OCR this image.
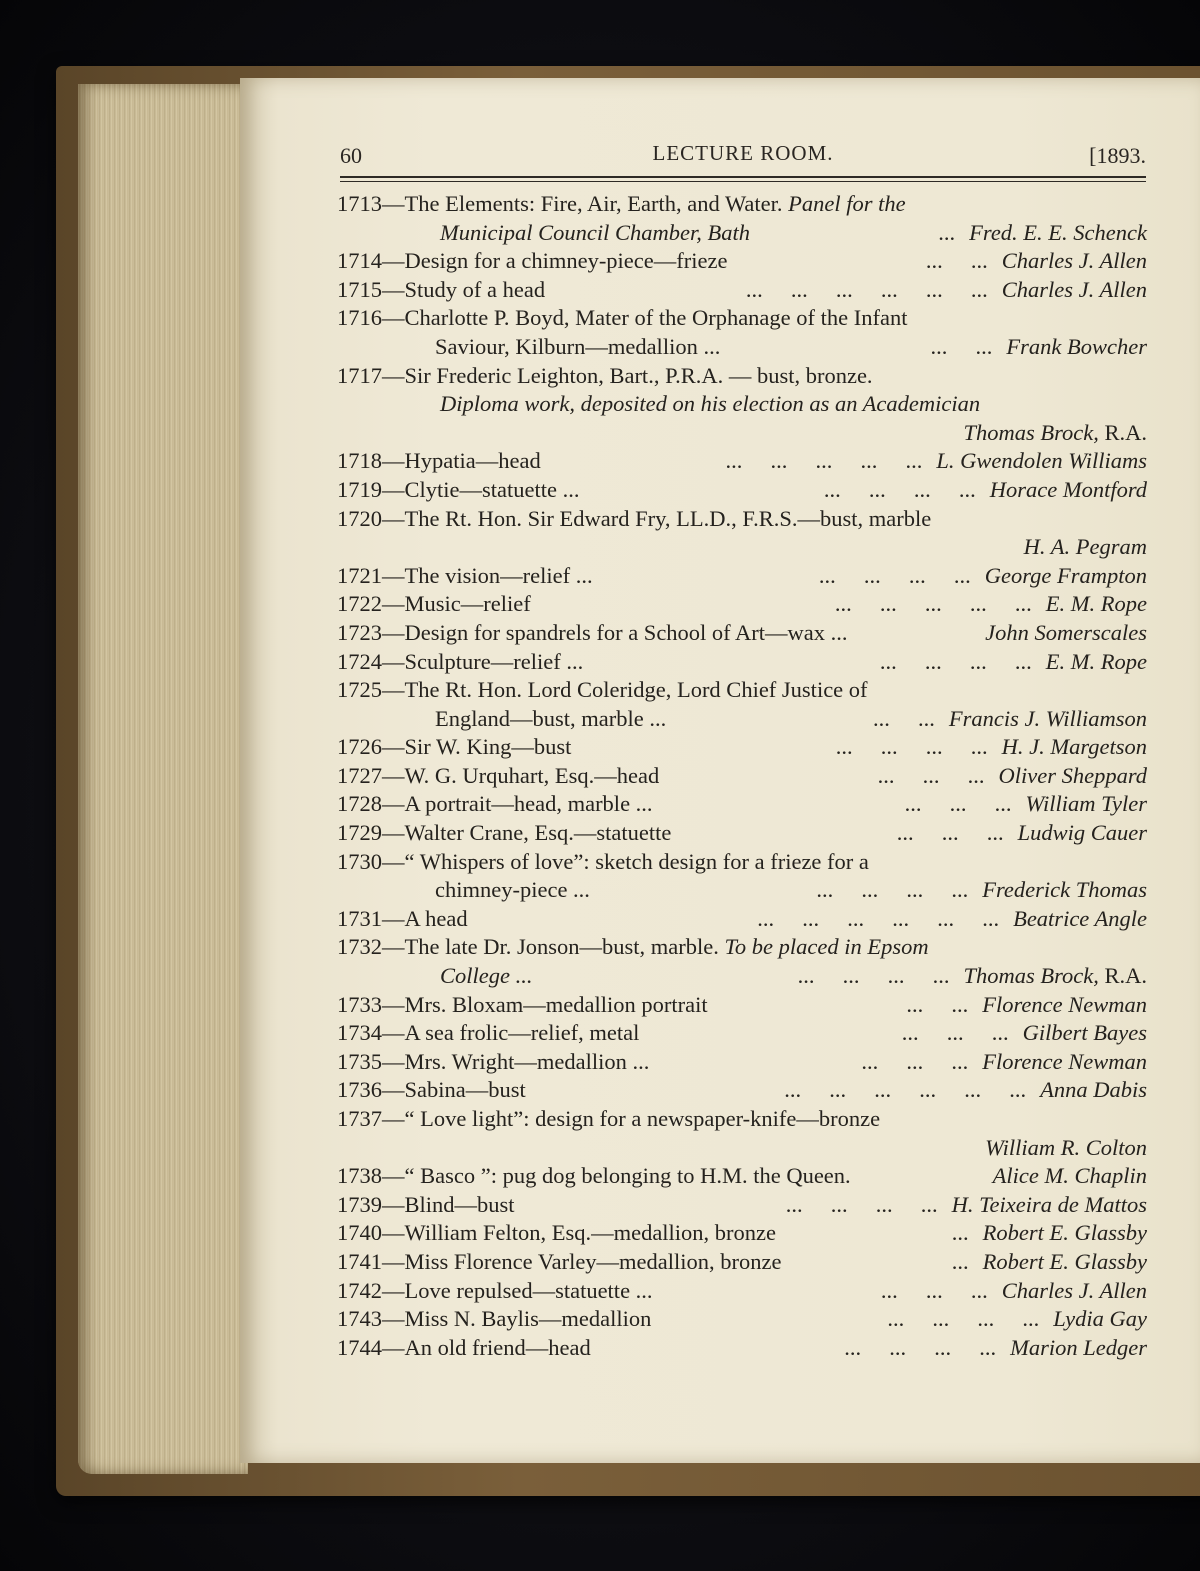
60	LECTURE ROOM.	[1893.
1713—The Elements: Fire, Air, Earth, and Water. Panel for the
Municipal Council Chamber, Bath	Fred. E. E. Schenck
...
1714—Design for a chimney-piece—frieze	Charles J. Allen
...     ...
1715—Study of a head	Charles J. Allen
...     ...     ...     ...     ...     ...
1716—Charlotte P. Boyd, Mater of the Orphanage of the Infant
Saviour, Kilburn—medallion ...	Frank Bowcher
...     ...
1717—Sir Frederic Leighton, Bart., P.R.A. — bust, bronze.
Diploma work, deposited on his election as an Academician
Thomas Brock, R.A.
1718—Hypatia—head	L. Gwendolen Williams
...     ...     ...     ...     ...
1719—Clytie—statuette ...	Horace Montford
...     ...     ...     ...
1720—The Rt. Hon. Sir Edward Fry, LL.D., F.R.S.—bust, marble
H. A. Pegram
1721—The vision—relief ...	George Frampton
...     ...     ...     ...
1722—Music—relief	E. M. Rope
...     ...     ...     ...     ...
1723—Design for spandrels for a School of Art—wax ...	John Somerscales
1724—Sculpture—relief ...	E. M. Rope
...     ...     ...     ...
1725—The Rt. Hon. Lord Coleridge, Lord Chief Justice of
England—bust, marble ...	Francis J. Williamson
...     ...
1726—Sir W. King—bust	H. J. Margetson
...     ...     ...     ...
1727—W. G. Urquhart, Esq.—head	Oliver Sheppard
...     ...     ...
1728—A portrait—head, marble ...	William Tyler
...     ...     ...
1729—Walter Crane, Esq.—statuette	Ludwig Cauer
...     ...     ...
1730—“ Whispers of love”: sketch design for a frieze for a
chimney-piece ...	Frederick Thomas
...     ...     ...     ...
1731—A head	Beatrice Angle
...     ...     ...     ...     ...     ...
1732—The late Dr. Jonson—bust, marble. To be placed in Epsom
College ...	Thomas Brock, R.A.
...     ...     ...     ...
1733—Mrs. Bloxam—medallion portrait	Florence Newman
...     ...
1734—A sea frolic—relief, metal	Gilbert Bayes
...     ...     ...
1735—Mrs. Wright—medallion ...	Florence Newman
...     ...     ...
1736—Sabina—bust	Anna Dabis
...     ...     ...     ...     ...     ...
1737—“ Love light”: design for a newspaper-knife—bronze
William R. Colton
1738—“ Basco ”: pug dog belonging to H.M. the Queen.	Alice M. Chaplin
1739—Blind—bust	H. Teixeira de Mattos
...     ...     ...     ...
1740—William Felton, Esq.—medallion, bronze	Robert E. Glassby
...
1741—Miss Florence Varley—medallion, bronze	Robert E. Glassby
...
1742—Love repulsed—statuette ...	Charles J. Allen
...     ...     ...
1743—Miss N. Baylis—medallion	Lydia Gay
...     ...     ...     ...
1744—An old friend—head	Marion Ledger
...     ...     ...     ...
